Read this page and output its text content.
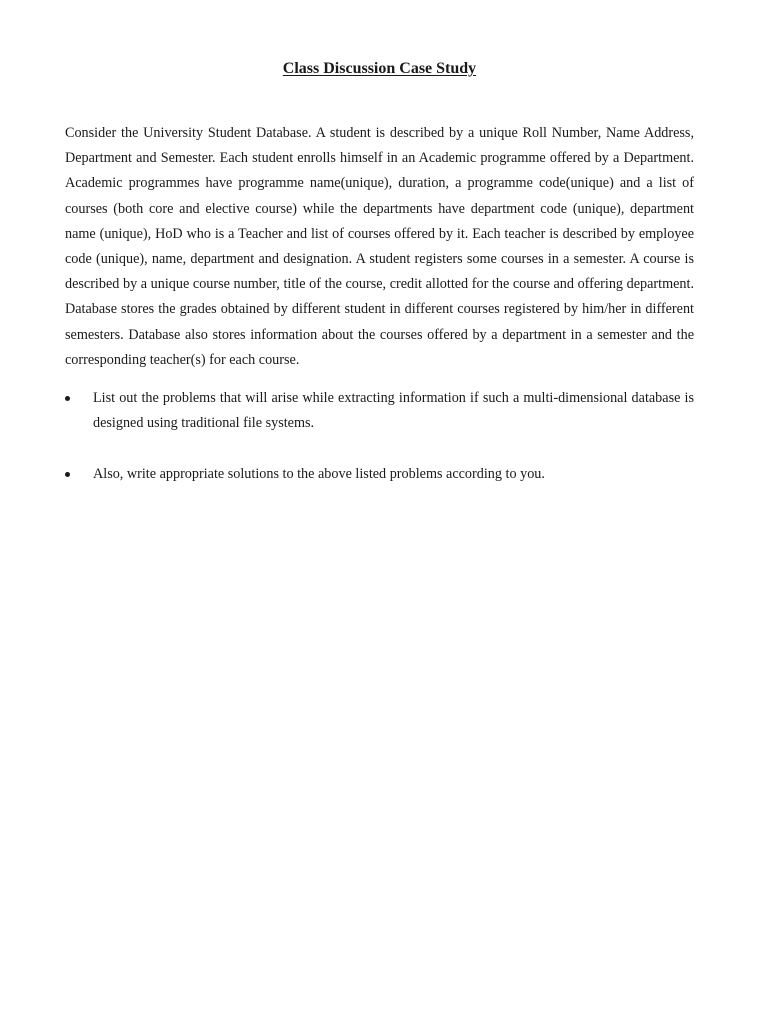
Class Discussion Case Study

Consider the University Student Database. A student is described by a unique Roll Number, Name Address, Department and Semester. Each student enrolls himself in an Academic programme offered by a Department. Academic programmes have programme name(unique), duration, a programme code(unique) and a list of courses (both core and elective course) while the departments have department code (unique), department name (unique), HoD who is a Teacher and list of courses offered by it. Each teacher is described by employee code (unique), name, department and designation. A student registers some courses in a semester. A course is described by a unique course number, title of the course, credit allotted for the course and offering department. Database stores the grades obtained by different student in different courses registered by him/her in different semesters. Database also stores information about the courses offered by a department in a semester and the corresponding teacher(s) for each course.

List out the problems that will arise while extracting information if such a multi-dimensional database is designed using traditional file systems.
Also, write appropriate solutions to the above listed problems according to you.
